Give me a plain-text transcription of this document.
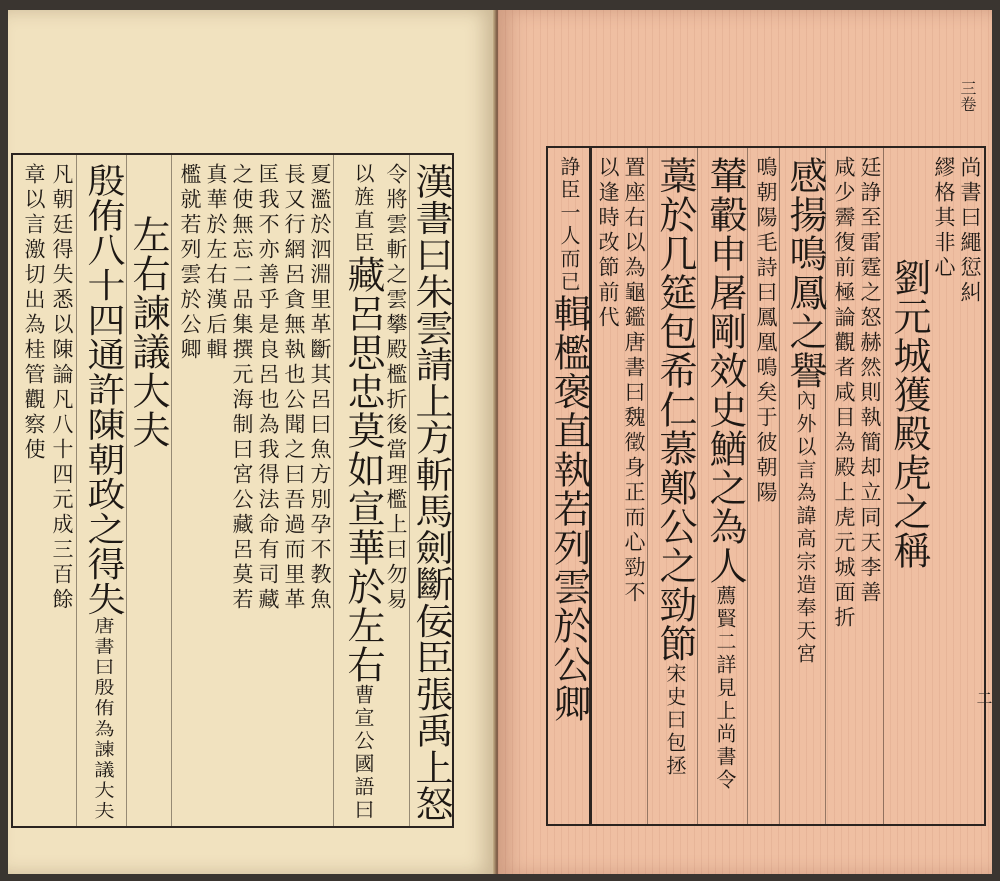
漢書曰朱雲請上方斬馬劍斷佞臣張禹上怒
令將雲斬之雲攀殿檻折後當理檻上曰勿易
以旌直臣藏呂思忠莫如宣華於左右曹宣公國語曰
夏濫於泗淵里革斷其呂曰魚方別孕不教魚
長又行網呂貪無執也公聞之曰吾過而里革
匡我不亦善乎是良呂也為我得法命有司藏
之使無忘二品集撰元海制曰宮公藏呂莫若
真華於左右漢后輯
檻就若列雲於公卿
左右諫議大夫
殷侑八十四通許陳朝政之得失唐書曰殷侑為諫議大夫
凡朝廷得失悉以陳論凡八十四元成三百餘
章以言激切出為桂管觀察使
三卷
二
尚書曰繩愆糾
繆格其非心
劉元城獲殿虎之稱
廷諍至雷霆之怒赫然則執簡却立同天李善
咸少霽復前極論觀者咸目為殿上虎元城面折
感揚鳴鳳之譽內外以言為諱高宗造奉天宮
鳴朝陽毛詩曰鳳凰鳴矣于彼朝陽
輦轂申屠剛效史鰌之為人薦賢二詳見上尚書令
藁於几筵包希仁慕鄭公之勁節宋史曰包拯
置座右以為龜鑑唐書曰魏徵身正而心勁不
以逢時改節前代
諍臣一人而已輯檻褒直執若列雲於公卿
